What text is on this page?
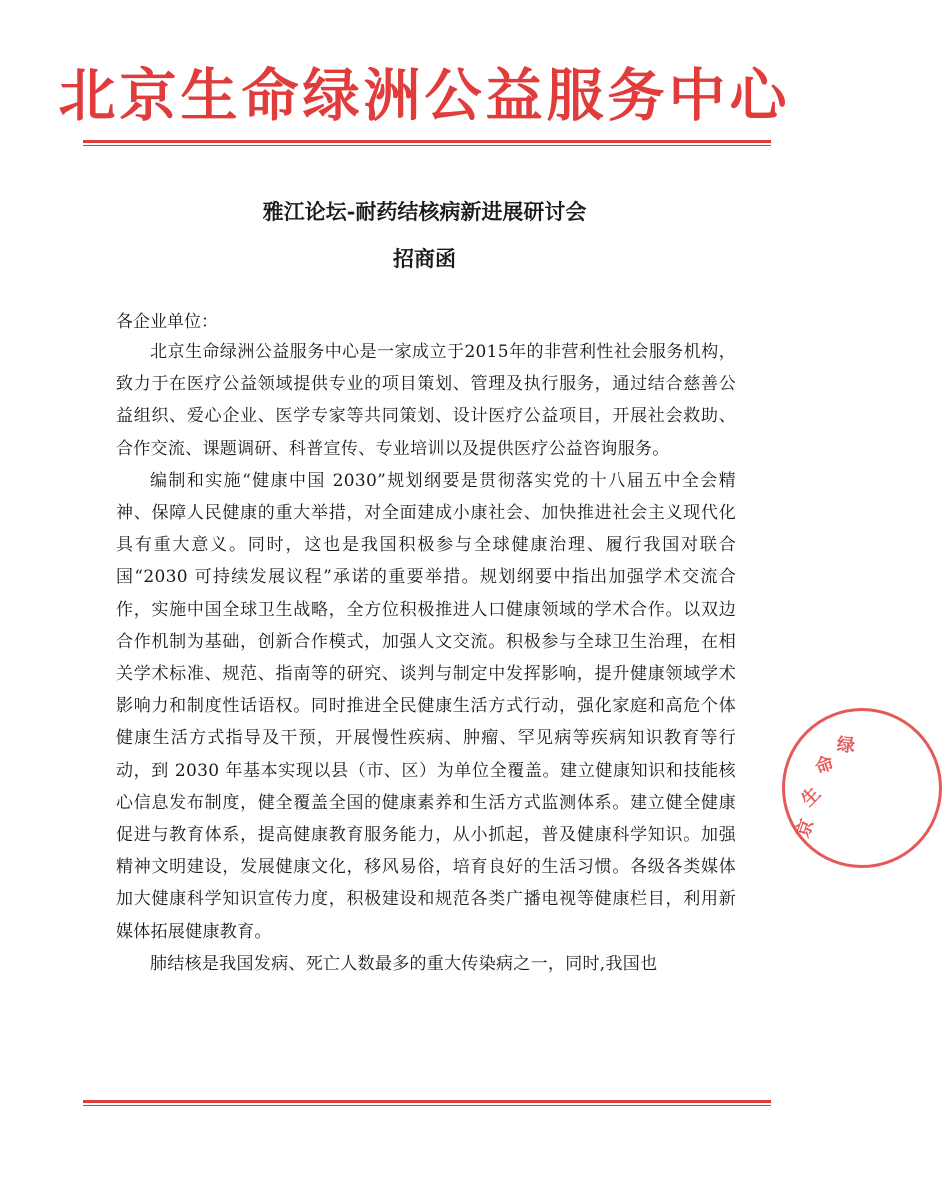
北京生命绿洲公益服务中心
雅江论坛-耐药结核病新进展研讨会
招商函
各企业单位：

北京生命绿洲公益服务中心是一家成立于2015年的非营利性社会服务机构，致力于在医疗公益领域提供专业的项目策划、管理及执行服务，通过结合慈善公益组织、爱心企业、医学专家等共同策划、设计医疗公益项目，开展社会救助、合作交流、课题调研、科普宣传、专业培训以及提供医疗公益咨询服务。

编制和实施“健康中国 2030”规划纲要是贯彻落实党的十八届五中全会精神、保障人民健康的重大举措，对全面建成小康社会、加快推进社会主义现代化具有重大意义。同时，这也是我国积极参与全球健康治理、履行我国对联合国“2030 可持续发展议程”承诺的重要举措。规划纲要中指出加强学术交流合作，实施中国全球卫生战略，全方位积极推进人口健康领域的学术合作。以双边合作机制为基础，创新合作模式，加强人文交流。积极参与全球卫生治理，在相关学术标准、规范、指南等的研究、谈判与制定中发挥影响，提升健康领域学术影响力和制度性话语权。同时推进全民健康生活方式行动，强化家庭和高危个体健康生活方式指导及干预，开展慢性疾病、肿瘤、罕见病等疾病知识教育等行动，到 2030 年基本实现以县（市、区）为单位全覆盖。建立健康知识和技能核心信息发布制度，健全覆盖全国的健康素养和生活方式监测体系。建立健全健康促进与教育体系，提高健康教育服务能力，从小抓起，普及健康科学知识。加强精神文明建设，发展健康文化，移风易俗，培育良好的生活习惯。各级各类媒体加大健康科学知识宣传力度，积极建设和规范各类广播电视等健康栏目，利用新媒体拓展健康教育。

肺结核是我国发病、死亡人数最多的重大传染病之一，同时,我国也

京
生
命
绿
